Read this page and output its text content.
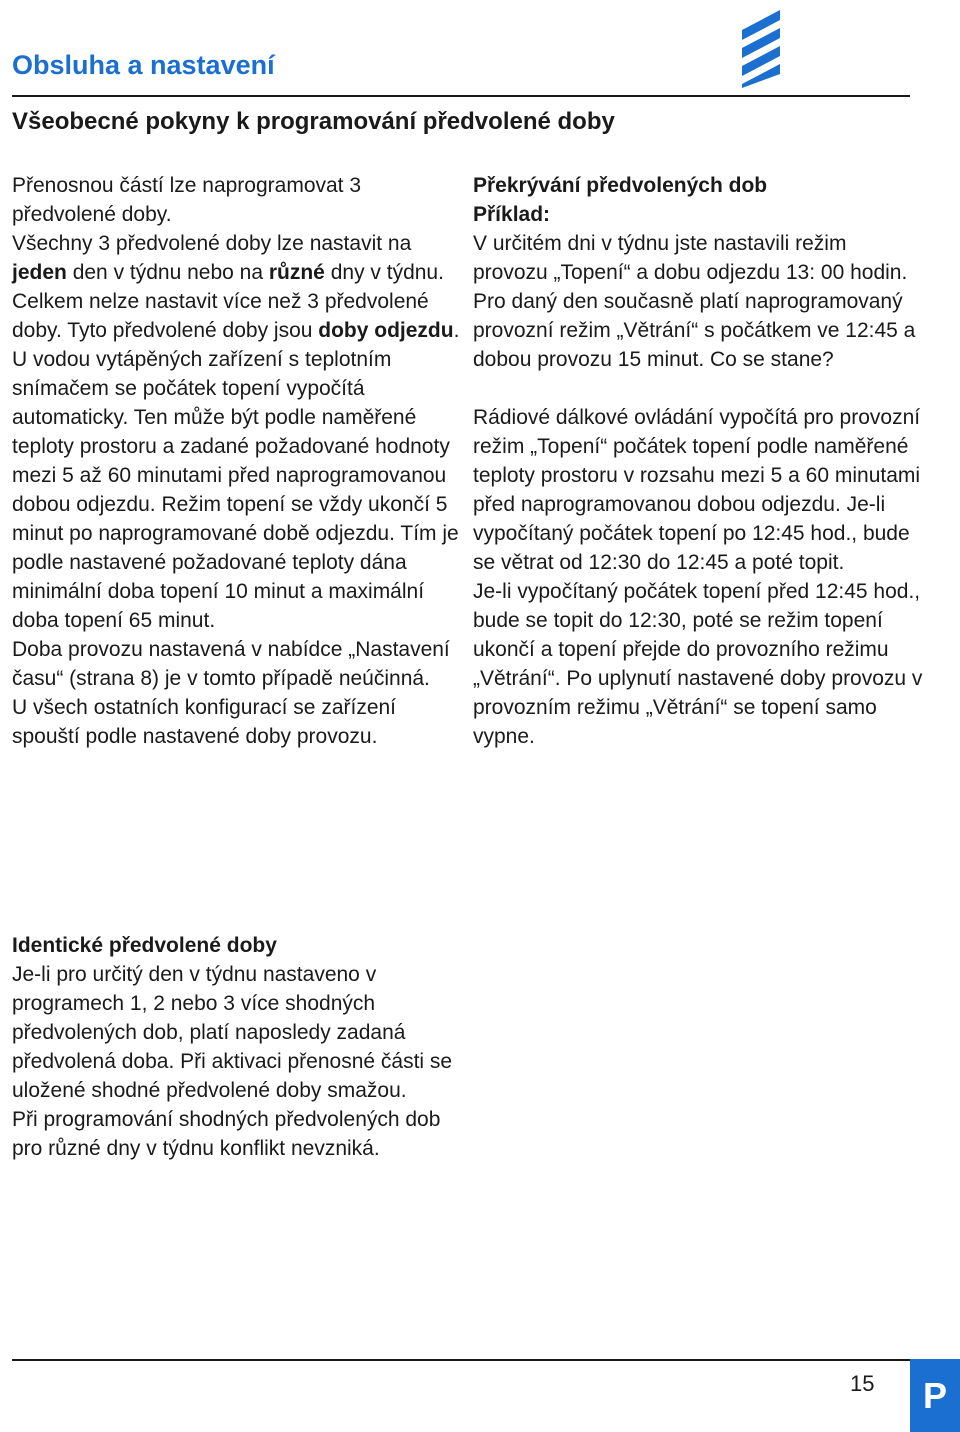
Obsluha a nastavení
Všeobecné pokyny k programování předvolené doby

Přenosnou částí lze naprogramovat 3 předvolené doby.

Všechny 3 předvolené doby lze nastavit na jeden den v týdnu nebo na různé dny v týdnu. Celkem nelze nastavit více než 3 předvolené doby. Tyto předvolené doby jsou doby odjezdu.

U vodou vytápěných zařízení s teplotním snímačem se počátek topení vypočítá automaticky. Ten může být podle naměřené teploty prostoru a zadané požadované hodnoty mezi 5 až 60 minutami před naprogramovanou dobou odjezdu. Režim topení se vždy ukončí 5 minut po naprogramované době odjezdu. Tím je podle nastavené požadované teploty dána minimální doba topení 10 minut a maximální doba topení 65 minut.

Doba provozu nastavená v nabídce „Nastavení času“ (strana 8) je v tomto případě neúčinná.

U všech ostatních konfigurací se zařízení spouští podle nastavené doby provozu.

Překrývání předvolených dob

Příklad:

V určitém dni v týdnu jste nastavili režim provozu „Topení“ a dobu odjezdu 13: 00 hodin. Pro daný den současně platí naprogramovaný provozní režim „Větrání“ s počátkem ve 12:45 a dobou provozu 15 minut. Co se stane?

Rádiové dálkové ovládání vypočítá pro provozní režim „Topení“ počátek topení podle naměřené teploty prostoru v rozsahu mezi 5 a 60 minutami před naprogramovanou dobou odjezdu. Je-li vypočítaný počátek topení po 12:45 hod., bude se větrat od 12:30 do 12:45 a poté topit.

Je-li vypočítaný počátek topení před 12:45 hod., bude se topit do 12:30, poté se režim topení ukončí a topení přejde do provozního režimu „Větrání“. Po uplynutí nastavené doby provozu v provozním režimu „Větrání“ se topení samo vypne.

Identické předvolené doby

Je-li pro určitý den v týdnu nastaveno v programech 1, 2 nebo 3 více shodných předvolených dob, platí naposledy zadaná předvolená doba. Při aktivaci přenosné části se uložené shodné předvolené doby smažou.

Při programování shodných předvolených dob pro různé dny v týdnu konflikt nevzniká.

15	P
